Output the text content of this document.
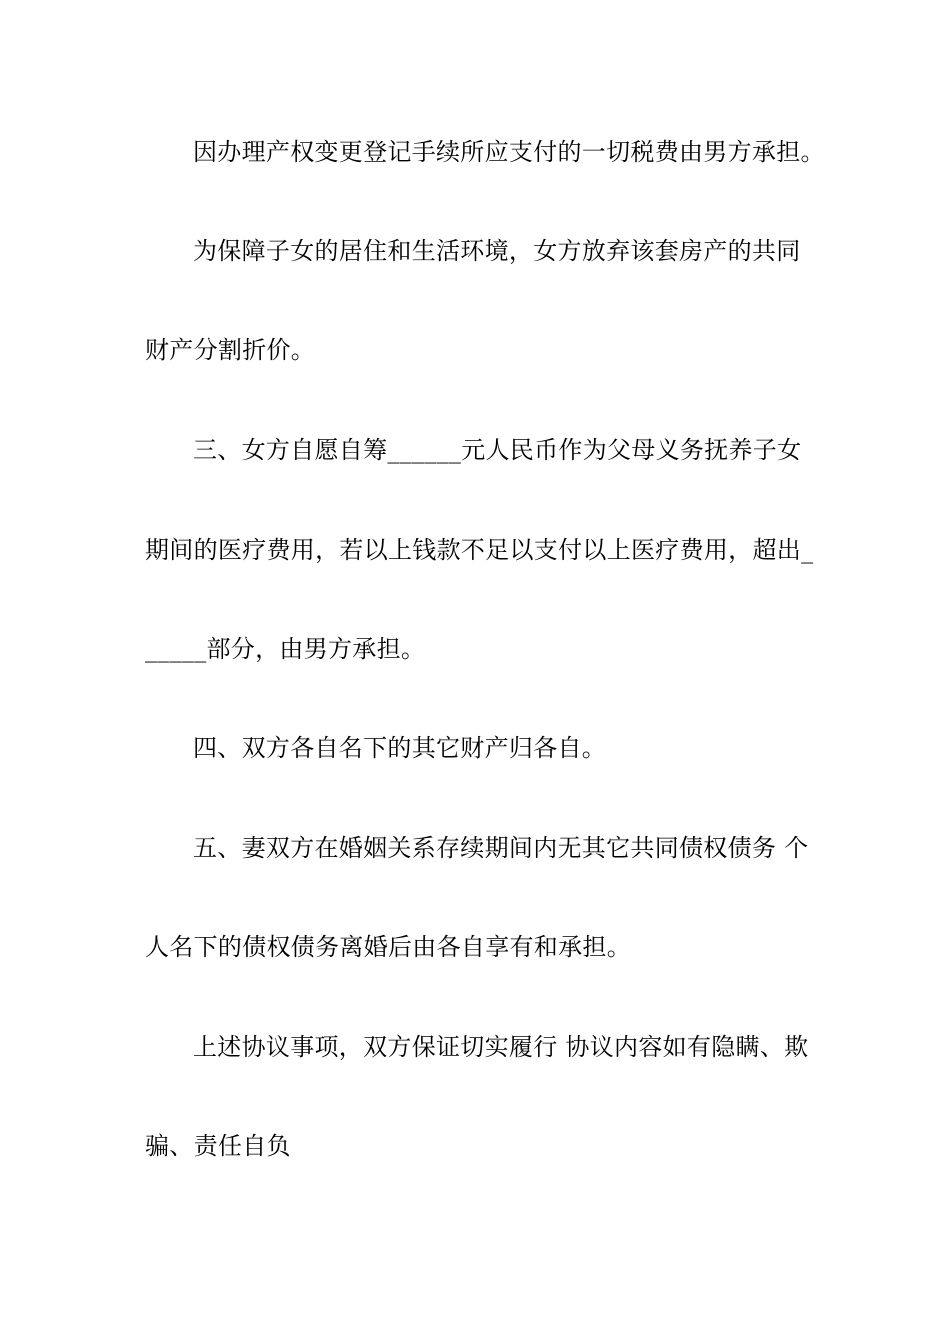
因办理产权变更登记手续所应支付的一切税费由男方承担。
为保障子女的居住和生活环境，女方放弃该套房产的共同
财产分割折价。
三、女方自愿自筹______元人民币作为父母义务抚养子女
期间的医疗费用，若以上钱款不足以支付以上医疗费用，超出_
_____部分，由男方承担。
四、双方各自名下的其它财产归各自。
五、妻双方在婚姻关系存续期间内无其它共同债权债务 个
人名下的债权债务离婚后由各自享有和承担。
上述协议事项，双方保证切实履行 协议内容如有隐瞒、欺
骗、责任自负
